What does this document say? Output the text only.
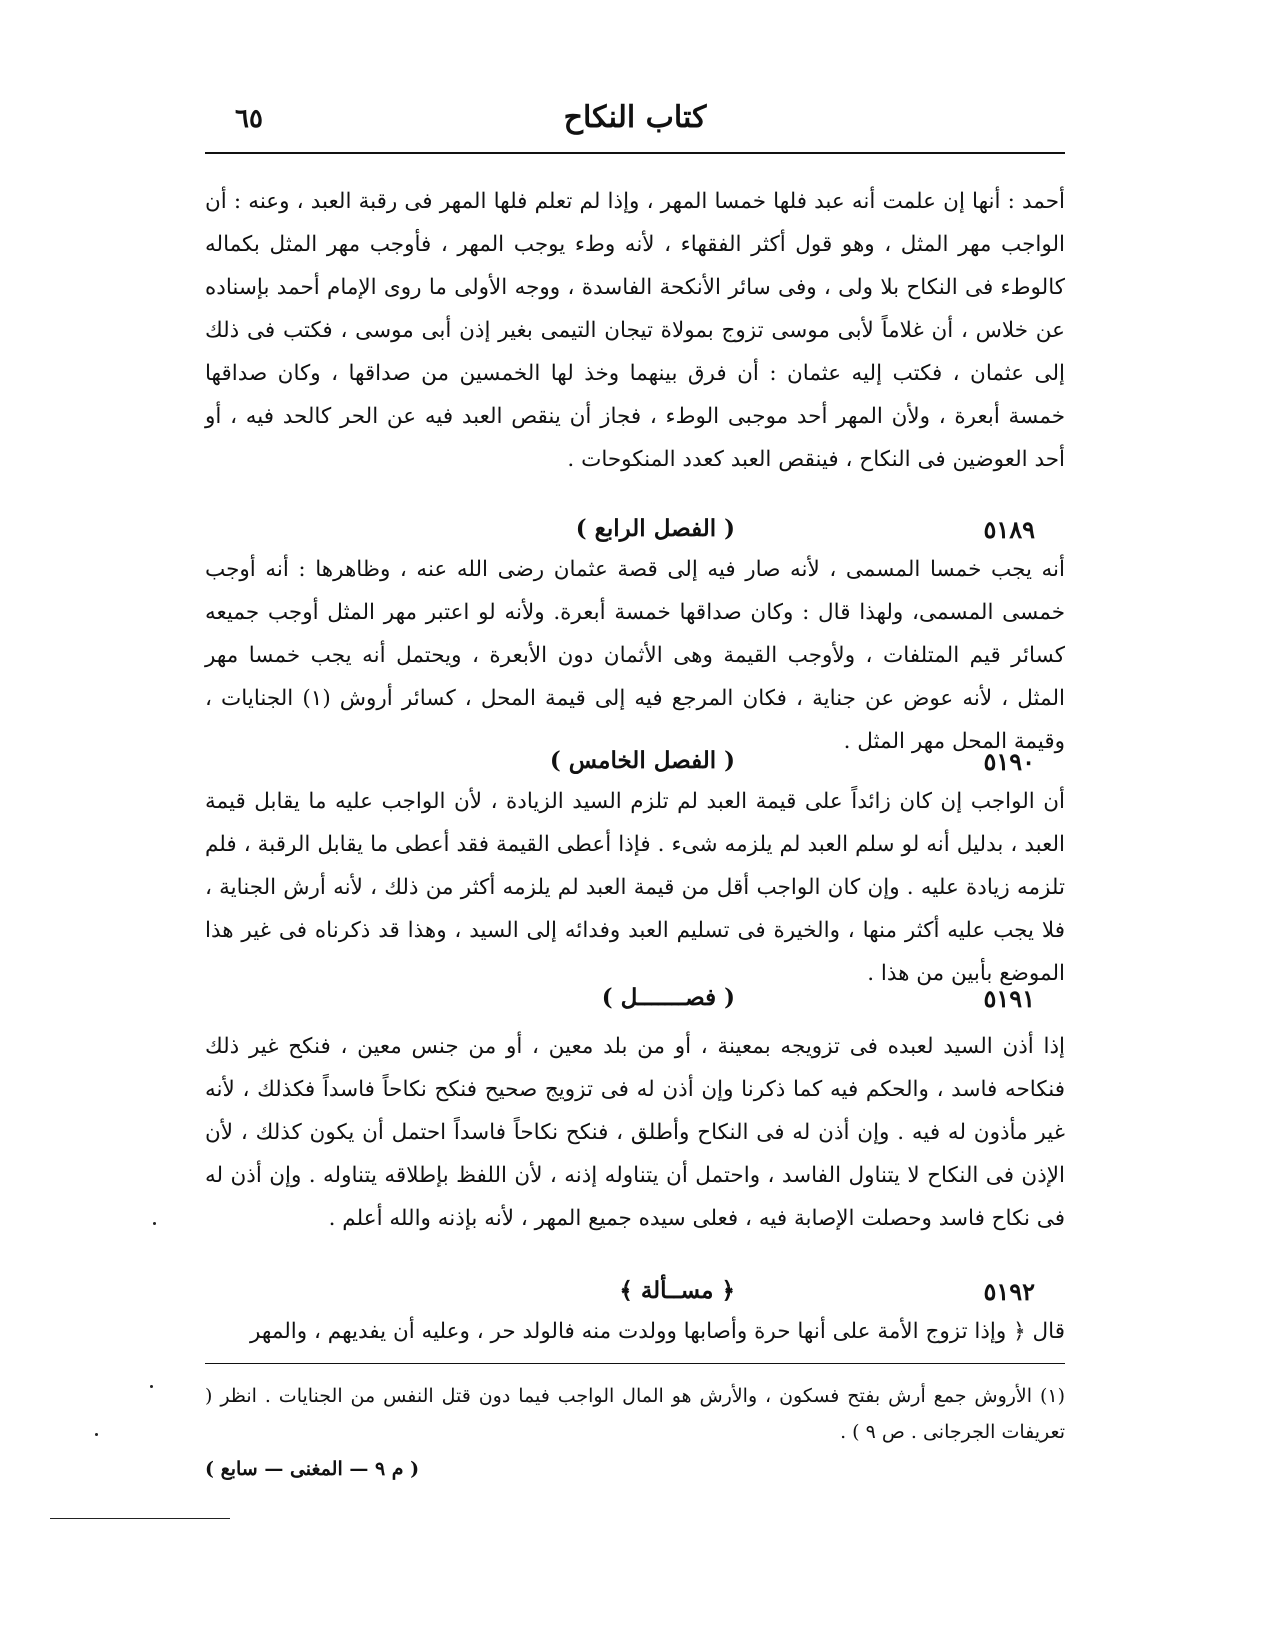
٦٥	كتاب النكاح
أحمد : أنها إن علمت أنه عبد فلها خمسا المهر ، وإذا لم تعلم فلها المهر فى رقبة العبد ، وعنه : أن الواجب مهر المثل ، وهو قول أكثر الفقهاء ، لأنه وطء يوجب المهر ، فأوجب مهر المثل بكماله كالوطء فى النكاح بلا ولى ، وفى سائر الأنكحة الفاسدة ، ووجه الأولى ما روى الإمام أحمد بإسناده عن خلاس ، أن غلاماً لأبى موسى تزوج بمولاة تيجان التيمى بغير إذن أبى موسى ، فكتب فى ذلك إلى عثمان ، فكتب إليه عثمان : أن فرق بينهما وخذ لها الخمسين من صداقها ، وكان صداقها خمسة أبعرة ، ولأن المهر أحد موجبى الوطء ، فجاز أن ينقص العبد فيه عن الحر كالحد فيه ، أو أحد العوضين فى النكاح ، فينقص العبد كعدد المنكوحات .
٥١٨٩
( الفصل الرابع )
أنه يجب خمسا المسمى ، لأنه صار فيه إلى قصة عثمان رضى الله عنه ، وظاهرها : أنه أوجب خمسى المسمى، ولهذا قال : وكان صداقها خمسة أبعرة. ولأنه لو اعتبر مهر المثل أوجب جميعه كسائر قيم المتلفات ، ولأوجب القيمة وهى الأثمان دون الأبعرة ، ويحتمل أنه يجب خمسا مهر المثل ، لأنه عوض عن جناية ، فكان المرجع فيه إلى قيمة المحل ، كسائر أروش (١) الجنايات ، وقيمة المحل مهر المثل .
٥١٩٠
( الفصل الخامس )
أن الواجب إن كان زائداً على قيمة العبد لم تلزم السيد الزيادة ، لأن الواجب عليه ما يقابل قيمة العبد ، بدليل أنه لو سلم العبد لم يلزمه شىء . فإذا أعطى القيمة فقد أعطى ما يقابل الرقبة ، فلم تلزمه زيادة عليه . وإن كان الواجب أقل من قيمة العبد لم يلزمه أكثر من ذلك ، لأنه أرش الجناية ، فلا يجب عليه أكثر منها ، والخيرة فى تسليم العبد وفدائه إلى السيد ، وهذا قد ذكرناه فى غير هذا الموضع بأبين من هذا .
٥١٩١
( فصـــــــل )
إذا أذن السيد لعبده فى تزويجه بمعينة ، أو من بلد معين ، أو من جنس معين ، فنكح غير ذلك فنكاحه فاسد ، والحكم فيه كما ذكرنا وإن أذن له فى تزويج صحيح فنكح نكاحاً فاسداً فكذلك ، لأنه غير مأذون له فيه . وإن أذن له فى النكاح وأطلق ، فنكح نكاحاً فاسداً احتمل أن يكون كذلك ، لأن الإذن فى النكاح لا يتناول الفاسد ، واحتمل أن يتناوله إذنه ، لأن اللفظ بإطلاقه يتناوله . وإن أذن له فى نكاح فاسد وحصلت الإصابة فيه ، فعلى سيده جميع المهر ، لأنه بإذنه والله أعلم .
٥١٩٢
﴿ مســألة ﴾
قال ﴿ وإذا تزوج الأمة على أنها حرة وأصابها وولدت منه فالولد حر ، وعليه أن يفديهم ، والمهر
(١) الأروش جمع أرش بفتح فسكون ، والأرش هو المال الواجب فيما دون قتل النفس من الجنايات . انظر ( تعريفات الجرجانى . ص ٩ ) .
( م ٩ — المغنى — سابع )
